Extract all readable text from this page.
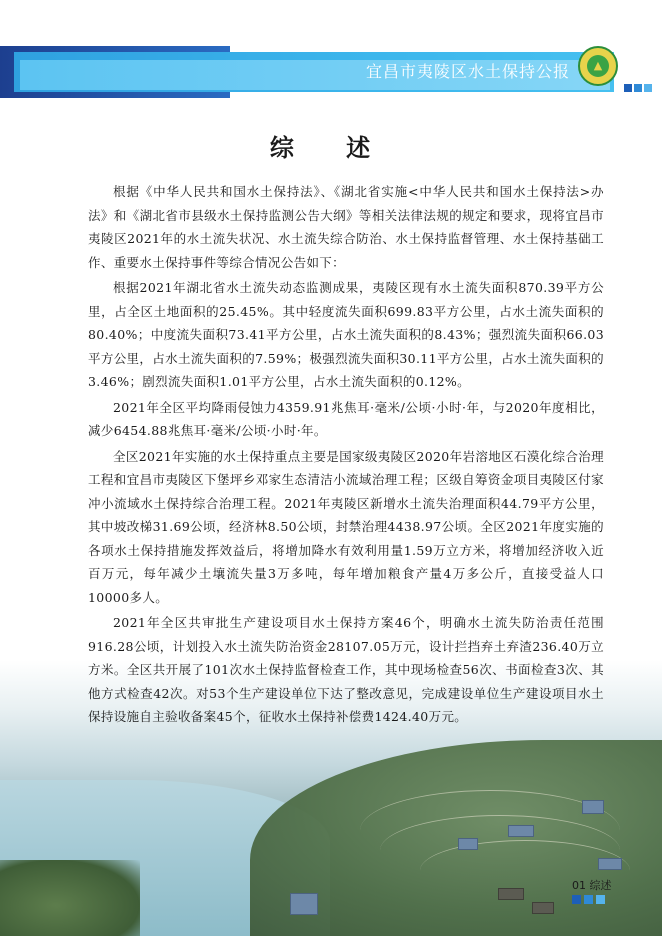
宜昌市夷陵区水土保持公报 ▲
综 述

根据《中华人民共和国水土保持法》、《湖北省实施<中华人民共和国水土保持法>办法》和《湖北省市县级水土保持监测公告大纲》等相关法律法规的规定和要求，现将宜昌市夷陵区2021年的水土流失状况、水土流失综合防治、水土保持监督管理、水土保持基础工作、重要水土保持事件等综合情况公告如下：

根据2021年湖北省水土流失动态监测成果，夷陵区现有水土流失面积870.39平方公里，占全区土地面积的25.45%。其中轻度流失面积699.83平方公里，占水土流失面积的80.40%；中度流失面积73.41平方公里，占水土流失面积的8.43%；强烈流失面积66.03平方公里，占水土流失面积的7.59%；极强烈流失面积30.11平方公里，占水土流失面积的3.46%；剧烈流失面积1.01平方公里，占水土流失面积的0.12%。

2021年全区平均降雨侵蚀力4359.91兆焦耳·毫米/公顷·小时·年，与2020年度相比，减少6454.88兆焦耳·毫米/公顷·小时·年。

全区2021年实施的水土保持重点主要是国家级夷陵区2020年岩溶地区石漠化综合治理工程和宜昌市夷陵区下堡坪乡邓家生态清洁小流域治理工程；区级自筹资金项目夷陵区付家冲小流域水土保持综合治理工程。2021年夷陵区新增水土流失治理面积44.79平方公里，其中坡改梯31.69公顷，经济林8.50公顷，封禁治理4438.97公顷。全区2021年度实施的各项水土保持措施发挥效益后，将增加降水有效利用量1.59万立方米，将增加经济收入近百万元，每年减少土壤流失量3万多吨，每年增加粮食产量4万多公斤，直接受益人口10000多人。

2021年全区共审批生产建设项目水土保持方案46个，明确水土流失防治责任范围916.28公顷，计划投入水土流失防治资金28107.05万元，设计拦挡弃土弃渣236.40万立方米。全区共开展了101次水土保持监督检查工作，其中现场检查56次、书面检查3次、其他方式检查42次。对53个生产建设单位下达了整改意见，完成建设单位生产建设项目水土保持设施自主验收备案45个，征收水土保持补偿费1424.40万元。

01 综述
